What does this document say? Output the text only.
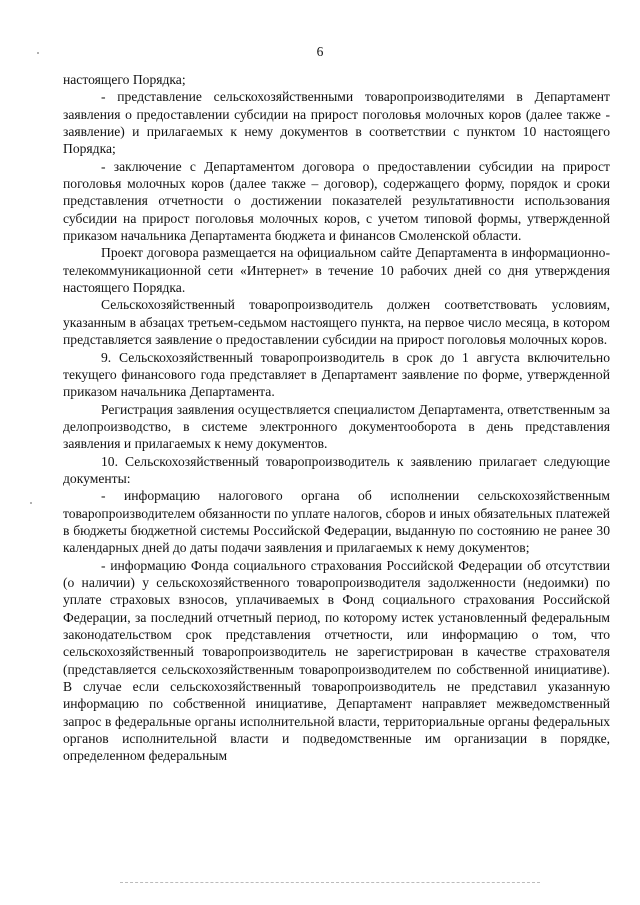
6

настоящего Порядка;

- представление сельскохозяйственными товаропроизводителями в Департамент заявления о предоставлении субсидии на прирост поголовья молочных коров (далее также - заявление) и прилагаемых к нему документов в соответствии с пунктом 10 настоящего Порядка;

- заключение с Департаментом договора о предоставлении субсидии на прирост поголовья молочных коров (далее также – договор), содержащего форму, порядок и сроки представления отчетности о достижении показателей результативности использования субсидии на прирост поголовья молочных коров, с учетом типовой формы, утвержденной приказом начальника Департамента бюджета и финансов Смоленской области.

Проект договора размещается на официальном сайте Департамента в информационно-телекоммуникационной сети «Интернет» в течение 10 рабочих дней со дня утверждения настоящего Порядка.

Сельскохозяйственный товаропроизводитель должен соответствовать условиям, указанным в абзацах третьем-седьмом настоящего пункта, на первое число месяца, в котором представляется заявление о предоставлении субсидии на прирост поголовья молочных коров.

9. Сельскохозяйственный товаропроизводитель в срок до 1 августа включительно текущего финансового года представляет в Департамент заявление по форме, утвержденной приказом начальника Департамента.

Регистрация заявления осуществляется специалистом Департамента, ответственным за делопроизводство, в системе электронного документооборота в день представления заявления и прилагаемых к нему документов.

10. Сельскохозяйственный товаропроизводитель к заявлению прилагает следующие документы:

- информацию налогового органа об исполнении сельскохозяйственным товаропроизводителем обязанности по уплате налогов, сборов и иных обязательных платежей в бюджеты бюджетной системы Российской Федерации, выданную по состоянию не ранее 30 календарных дней до даты подачи заявления и прилагаемых к нему документов;

- информацию Фонда социального страхования Российской Федерации об отсутствии (о наличии) у сельскохозяйственного товаропроизводителя задолженности (недоимки) по уплате страховых взносов, уплачиваемых в Фонд социального страхования Российской Федерации, за последний отчетный период, по которому истек установленный федеральным законодательством срок представления отчетности, или информацию о том, что сельскохозяйственный товаропроизводитель не зарегистрирован в качестве страхователя (представляется сельскохозяйственным товаропроизводителем по собственной инициативе). В случае если сельскохозяйственный товаропроизводитель не представил указанную информацию по собственной инициативе, Департамент направляет межведомственный запрос в федеральные органы исполнительной власти, территориальные органы федеральных органов исполнительной власти и подведомственные им организации в порядке, определенном федеральным
